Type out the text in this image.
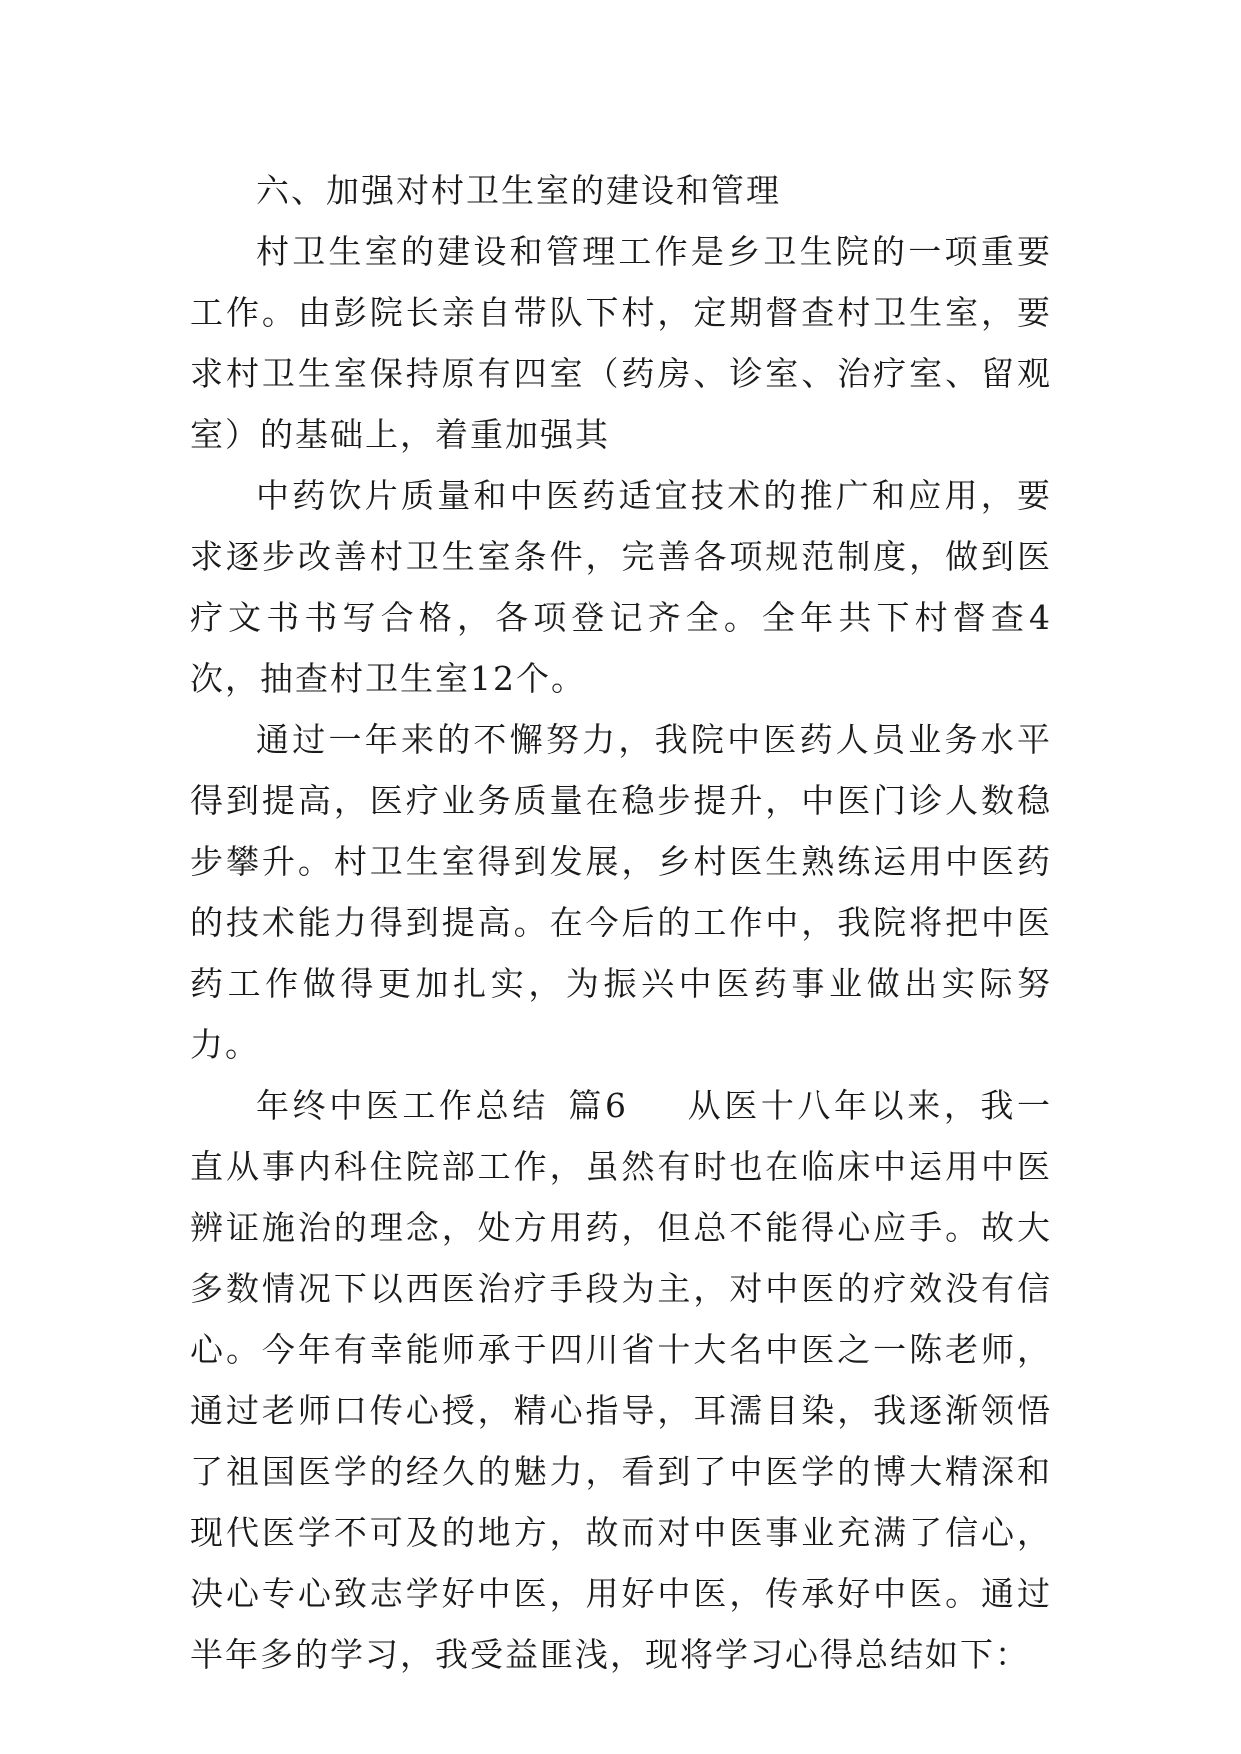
六、加强对村卫生室的建设和管理

村卫生室的建设和管理工作是乡卫生院的一项重要工作。由彭院长亲自带队下村，定期督查村卫生室，要求村卫生室保持原有四室（药房、诊室、治疗室、留观室）的基础上，着重加强其

中药饮片质量和中医药适宜技术的推广和应用，要求逐步改善村卫生室条件，完善各项规范制度，做到医疗文书书写合格，各项登记齐全。全年共下村督查4次，抽查村卫生室12个。

通过一年来的不懈努力，我院中医药人员业务水平得到提高，医疗业务质量在稳步提升，中医门诊人数稳步攀升。村卫生室得到发展，乡村医生熟练运用中医药的技术能力得到提高。在今后的工作中，我院将把中医药工作做得更加扎实，为振兴中医药事业做出实际努力。

年终中医工作总结 篇6 从医十八年以来，我一直从事内科住院部工作，虽然有时也在临床中运用中医辨证施治的理念，处方用药，但总不能得心应手。故大多数情况下以西医治疗手段为主，对中医的疗效没有信心。今年有幸能师承于四川省十大名中医之一陈老师，通过老师口传心授，精心指导，耳濡目染，我逐渐领悟了祖国医学的经久的魅力，看到了中医学的博大精深和现代医学不可及的地方，故而对中医事业充满了信心，决心专心致志学好中医，用好中医，传承好中医。通过半年多的学习，我受益匪浅，现将学习心得总结如下：
